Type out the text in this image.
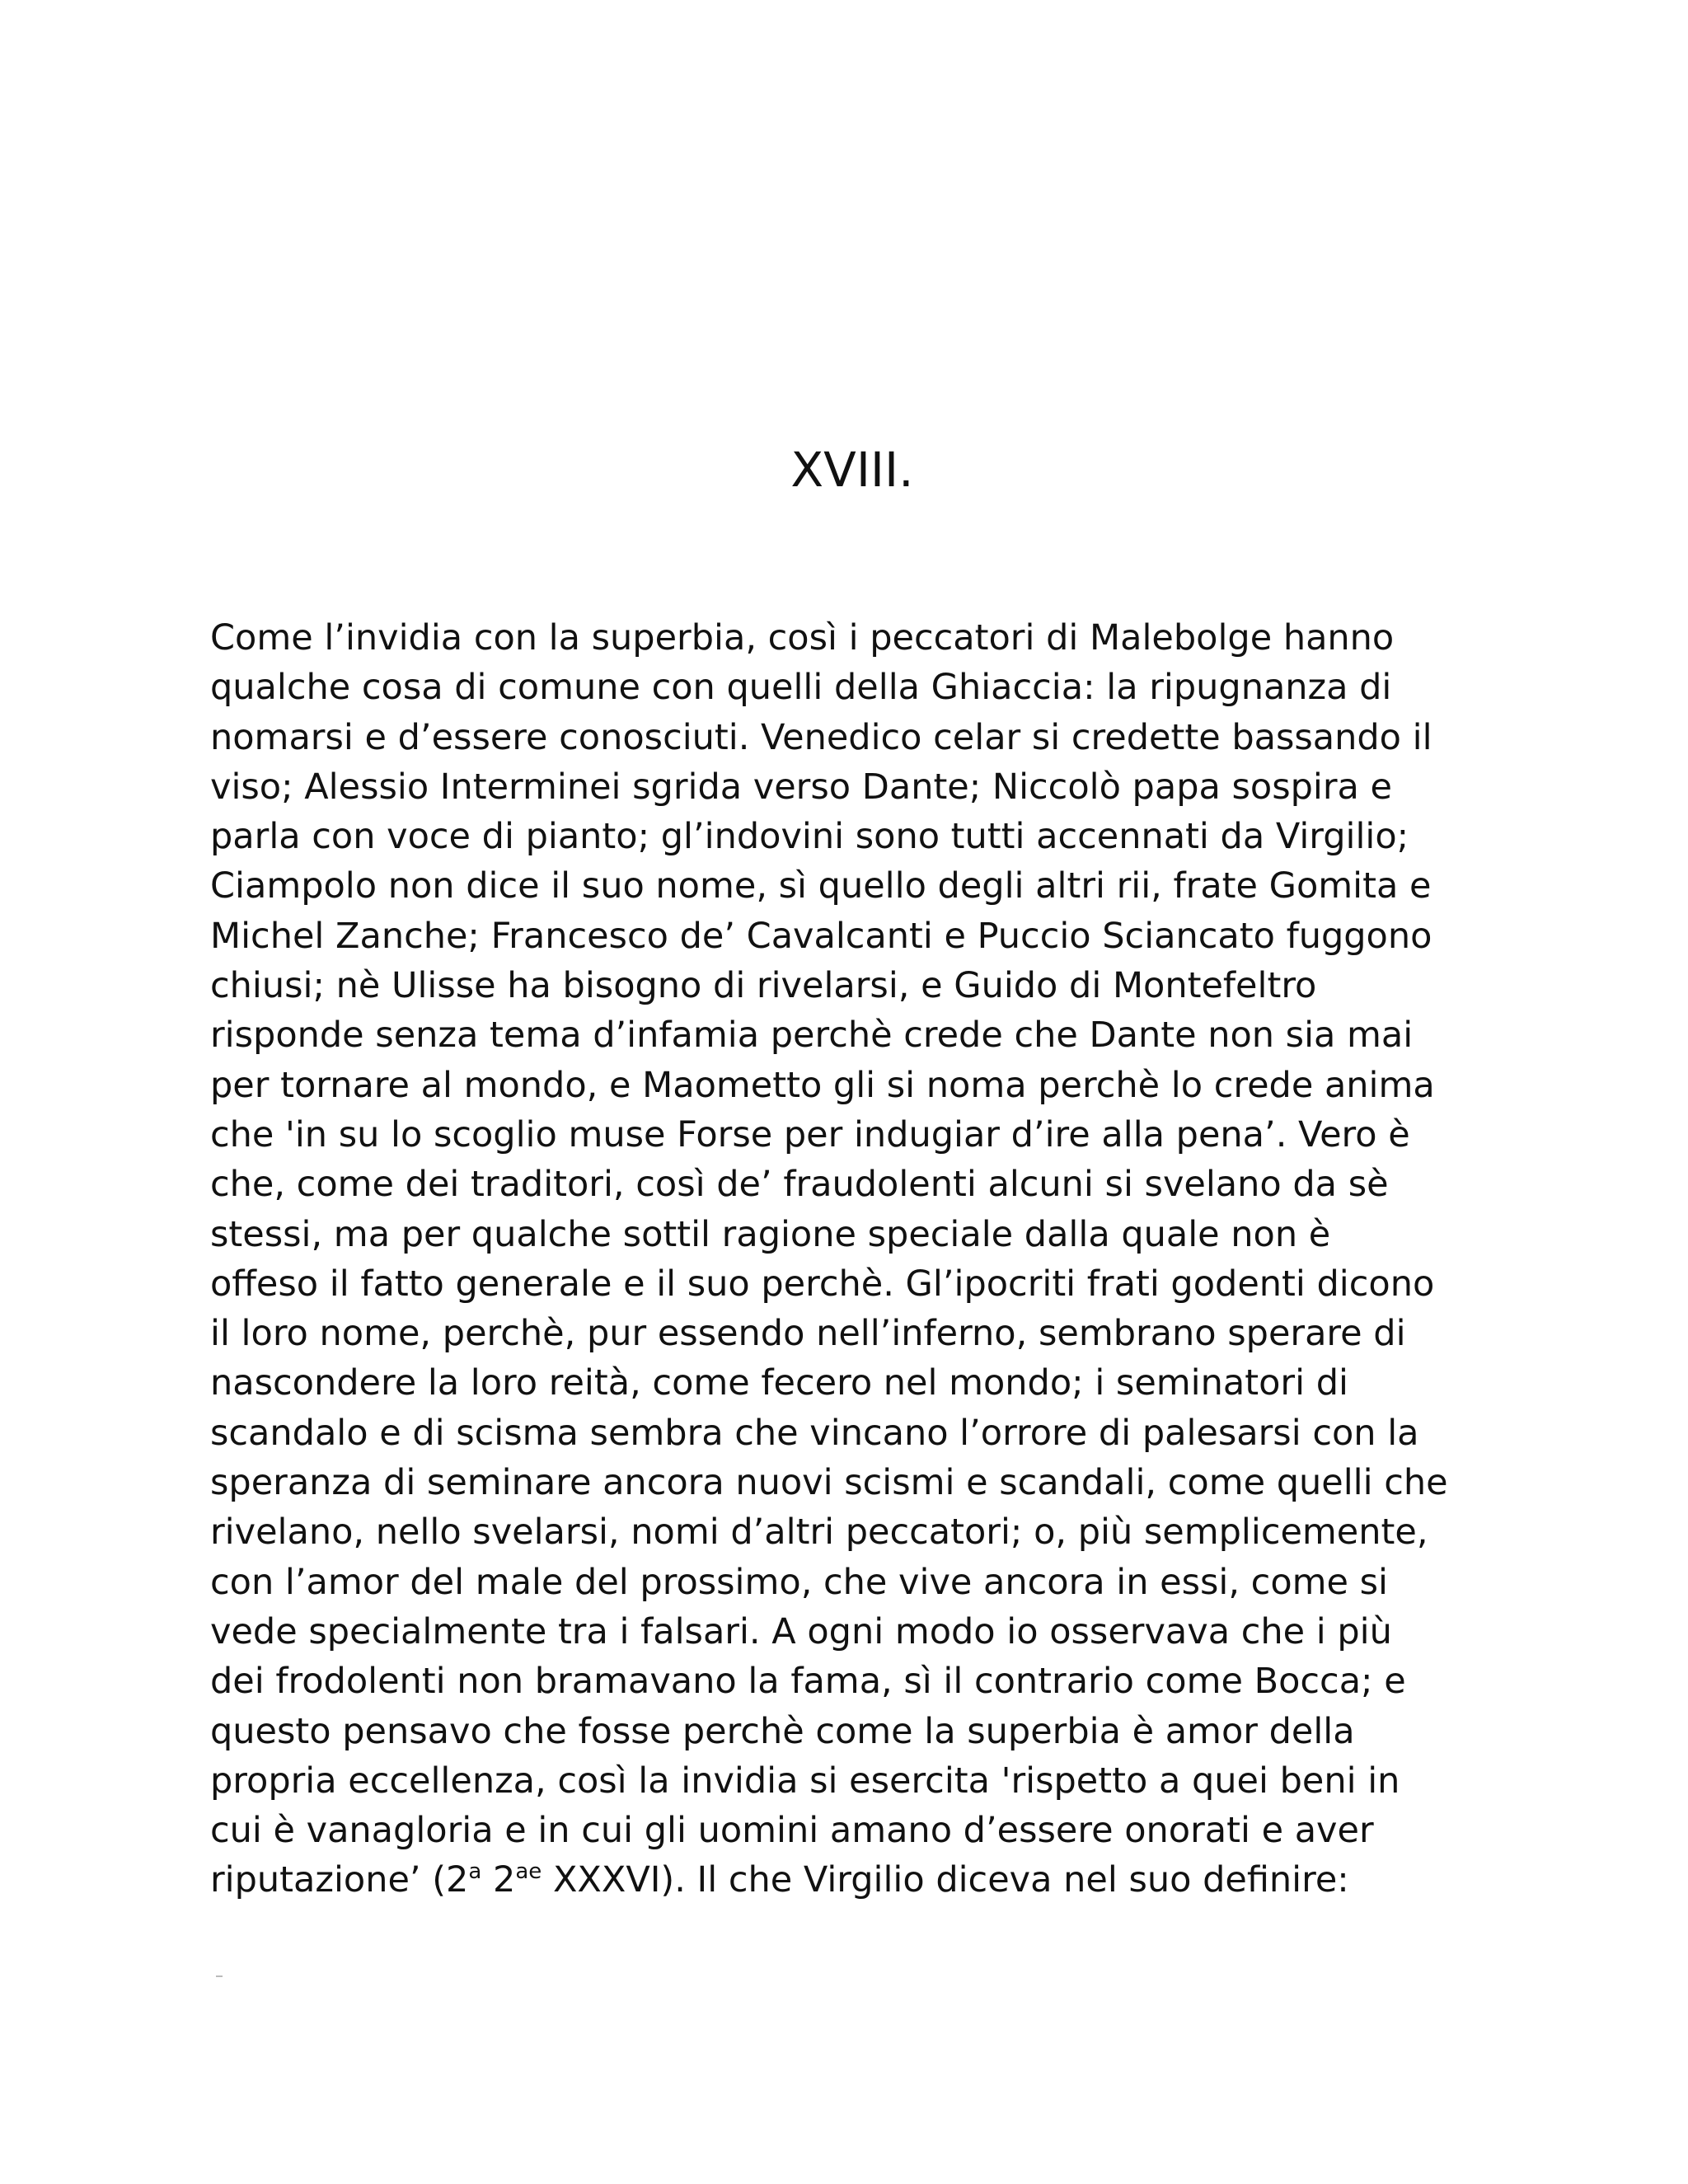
XVIII.
Come l’invidia con la superbia, così i peccatori di Malebolge hanno
qualche cosa di comune con quelli della Ghiaccia: la ripugnanza di
nomarsi e d’essere conosciuti. Venedico celar si credette bassando il
viso; Alessio Interminei sgrida verso Dante; Niccolò papa sospira e
parla con voce di pianto; gl’indovini sono tutti accennati da Virgilio;
Ciampolo non dice il suo nome, sì quello degli altri rii, frate Gomita e
Michel Zanche; Francesco de’ Cavalcanti e Puccio Sciancato fuggono
chiusi; nè Ulisse ha bisogno di rivelarsi, e Guido di Montefeltro
risponde senza tema d’infamia perchè crede che Dante non sia mai
per tornare al mondo, e Maometto gli si noma perchè lo crede anima
che 'in su lo scoglio muse Forse per indugiar d’ire alla pena’. Vero è
che, come dei traditori, così de’ fraudolenti alcuni si svelano da sè
stessi, ma per qualche sottil ragione speciale dalla quale non è
offeso il fatto generale e il suo perchè. Gl’ipocriti frati godenti dicono
il loro nome, perchè, pur essendo nell’inferno, sembrano sperare di
nascondere la loro reità, come fecero nel mondo; i seminatori di
scandalo e di scisma sembra che vincano l’orrore di palesarsi con la
speranza di seminare ancora nuovi scismi e scandali, come quelli che
rivelano, nello svelarsi, nomi d’altri peccatori; o, più semplicemente,
con l’amor del male del prossimo, che vive ancora in essi, come si
vede specialmente tra i falsari. A ogni modo io osservava che i più
dei frodolenti non bramavano la fama, sì il contrario come Bocca; e
questo pensavo che fosse perchè come la superbia è amor della
propria eccellenza, così la invidia si esercita 'rispetto a quei beni in
cui è vanagloria e in cui gli uomini amano d’essere onorati e aver
riputazione’ (2$^a$ $2^{ae}$ XXXVI). Il che Virgilio diceva nel suo definire:
